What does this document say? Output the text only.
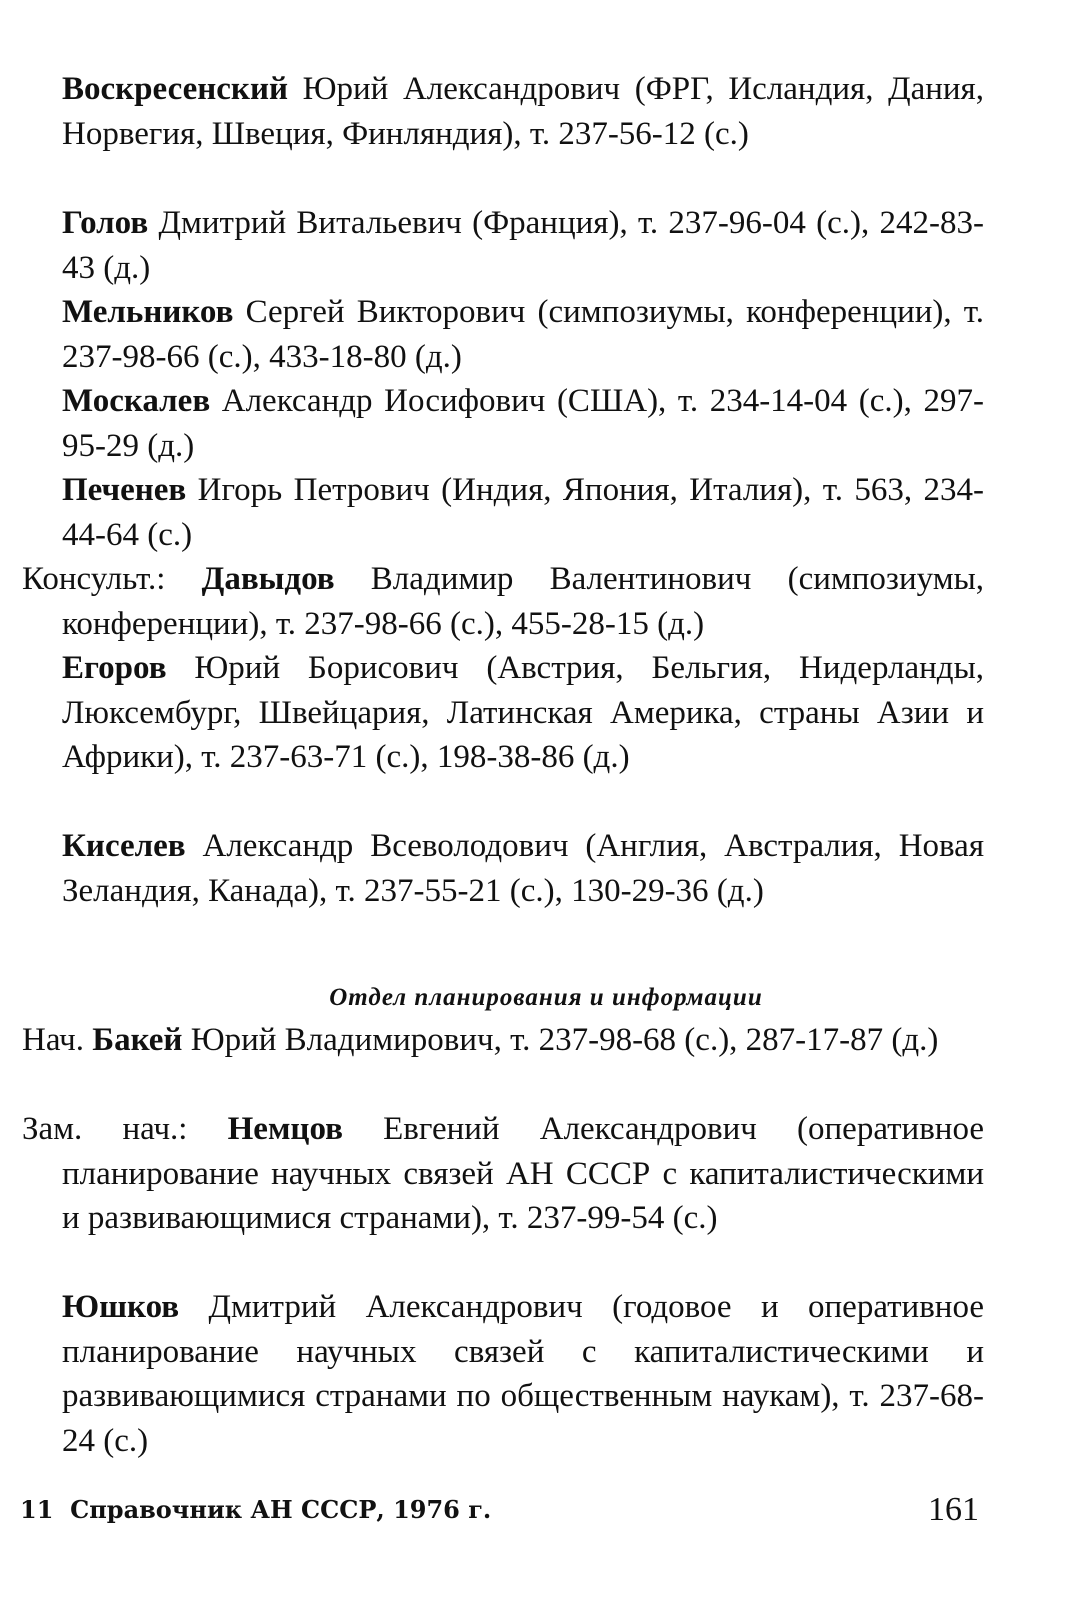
Воскресенский Юрий Александрович (ФРГ, Исландия, Дания, Норвегия, Швеция, Финляндия), т. 237-56-12 (с.)
Голов Дмитрий Витальевич (Франция), т. 237-96-04 (с.), 242-83-43 (д.)
Мельников Сергей Викторович (симпозиумы, конференции), т. 237-98-66 (с.), 433-18-80 (д.)
Москалев Александр Иосифович (США), т. 234-14-04 (с.), 297-95-29 (д.)
Печенев Игорь Петрович (Индия, Япония, Италия), т. 563, 234-44-64 (с.)
Консульт.: Давыдов Владимир Валентинович (симпозиумы, конференции), т. 237-98-66 (с.), 455-28-15 (д.)
Егоров Юрий Борисович (Австрия, Бельгия, Нидерланды, Люксембург, Швейцария, Латинская Америка, страны Азии и Африки), т. 237-63-71 (с.), 198-38-86 (д.)
Киселев Александр Всеволодович (Англия, Австралия, Новая Зеландия, Канада), т. 237-55-21 (с.), 130-29-36 (д.)
Отдел планирования и информации
Нач. Бакей Юрий Владимирович, т. 237-98-68 (с.), 287-17-87 (д.)
Зам. нач.: Немцов Евгений Александрович (оперативное планирование научных связей АН СССР с капиталистическими и развивающимися странами), т. 237-99-54 (с.)
Юшков Дмитрий Александрович (годовое и оперативное планирование научных связей с капиталистическими и развивающимися странами по общественным наукам), т. 237-68-24 (с.)
11 Справочник АН СССР, 1976 г.	161
